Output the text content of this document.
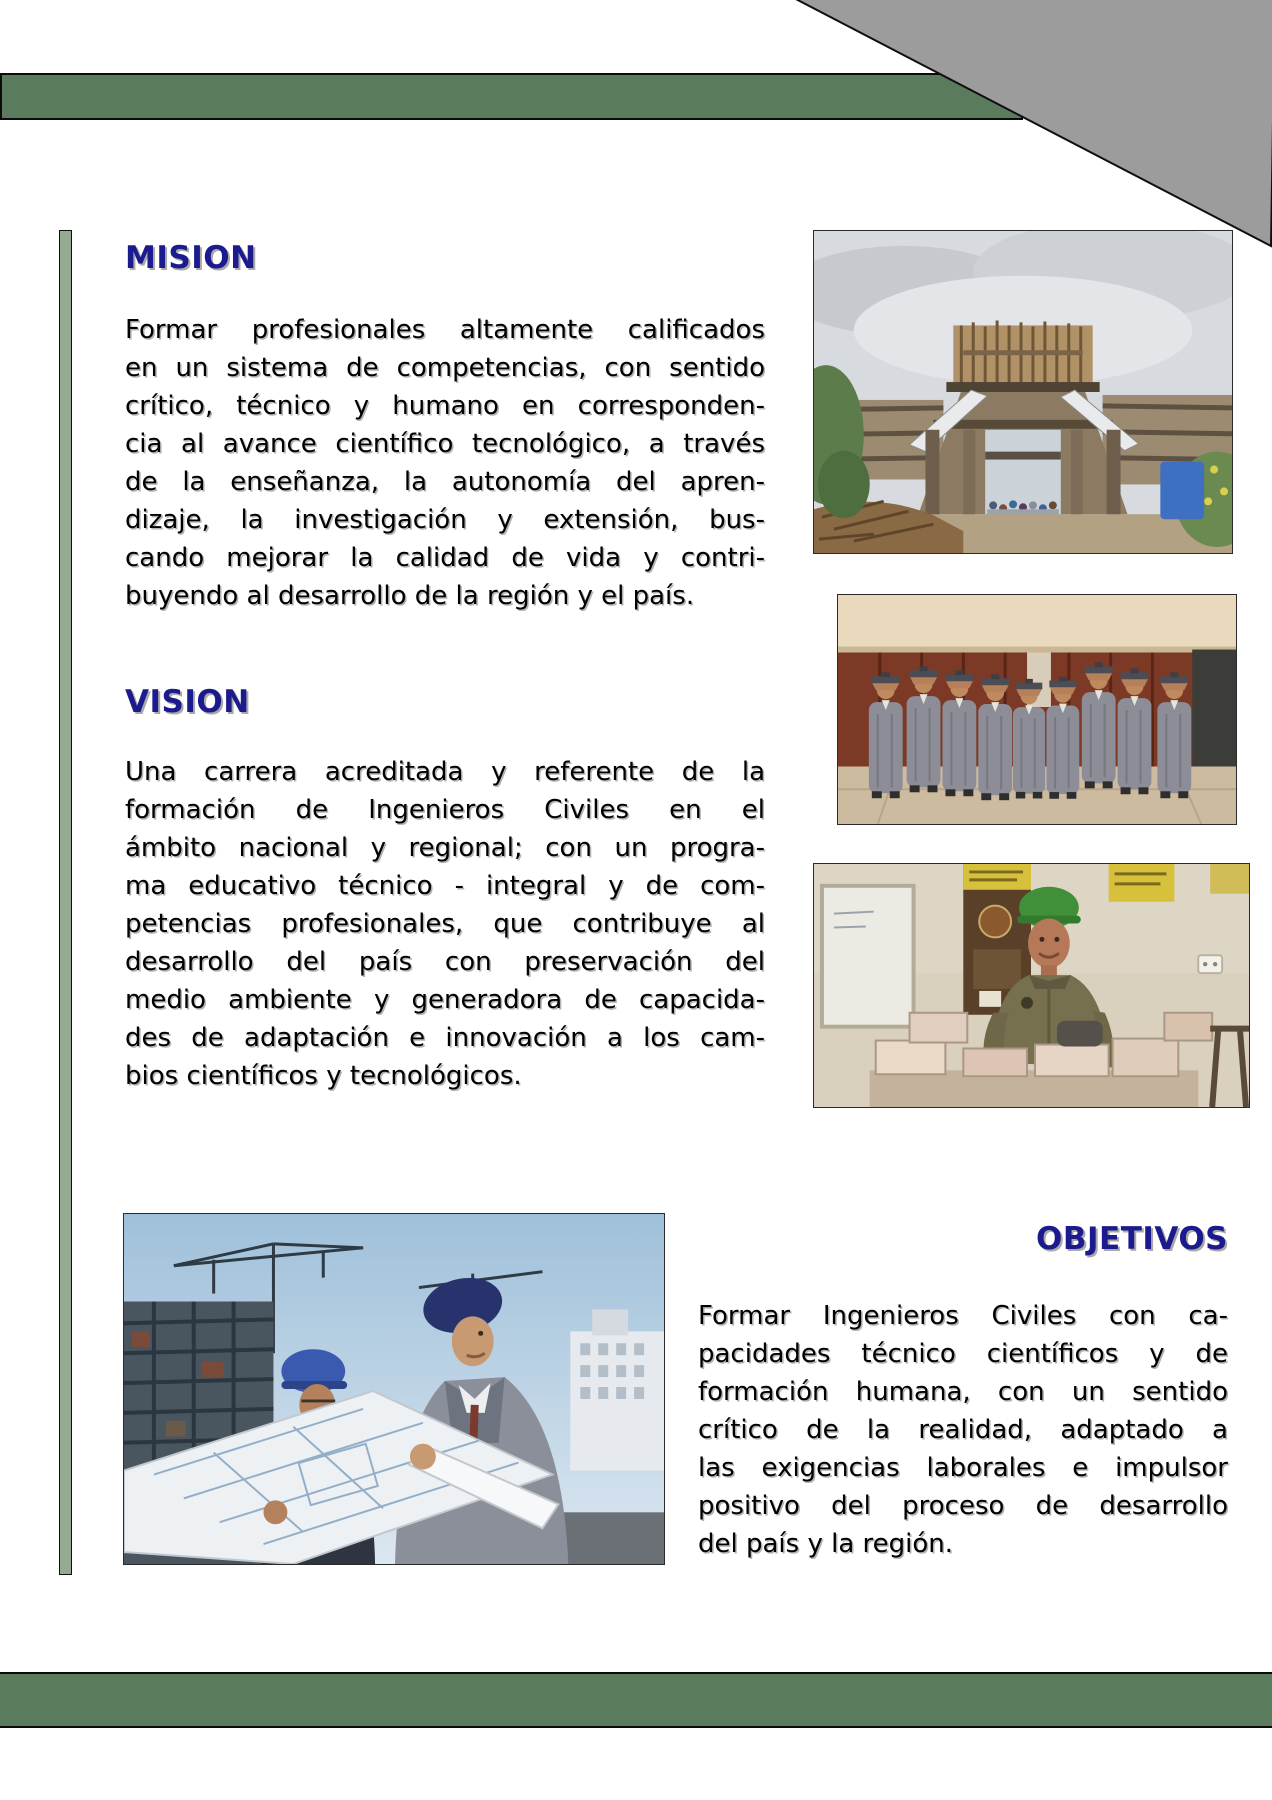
MISION
Formar profesionales altamente calificados
en un sistema de competencias, con sentido
crítico, técnico y humano en corresponden-
cia al avance científico tecnológico, a través
de la enseñanza, la autonomía del apren-
dizaje, la investigación y extensión, bus-
cando mejorar la calidad de vida y contri-
buyendo al desarrollo de la región y el país.
VISION
Una carrera acreditada y referente de la
formación de Ingenieros Civiles en el
ámbito nacional y regional; con un progra-
ma educativo técnico - integral y de com-
petencias profesionales, que contribuye al
desarrollo del país con preservación del
medio ambiente y generadora de capacida-
des de adaptación e innovación a los cam-
bios científicos y tecnológicos.
OBJETIVOS
Formar Ingenieros Civiles con ca-
pacidades técnico científicos y de
formación humana, con un sentido
crítico de la realidad, adaptado a
las exigencias laborales e impulsor
positivo del proceso de desarrollo
del país y la región.
